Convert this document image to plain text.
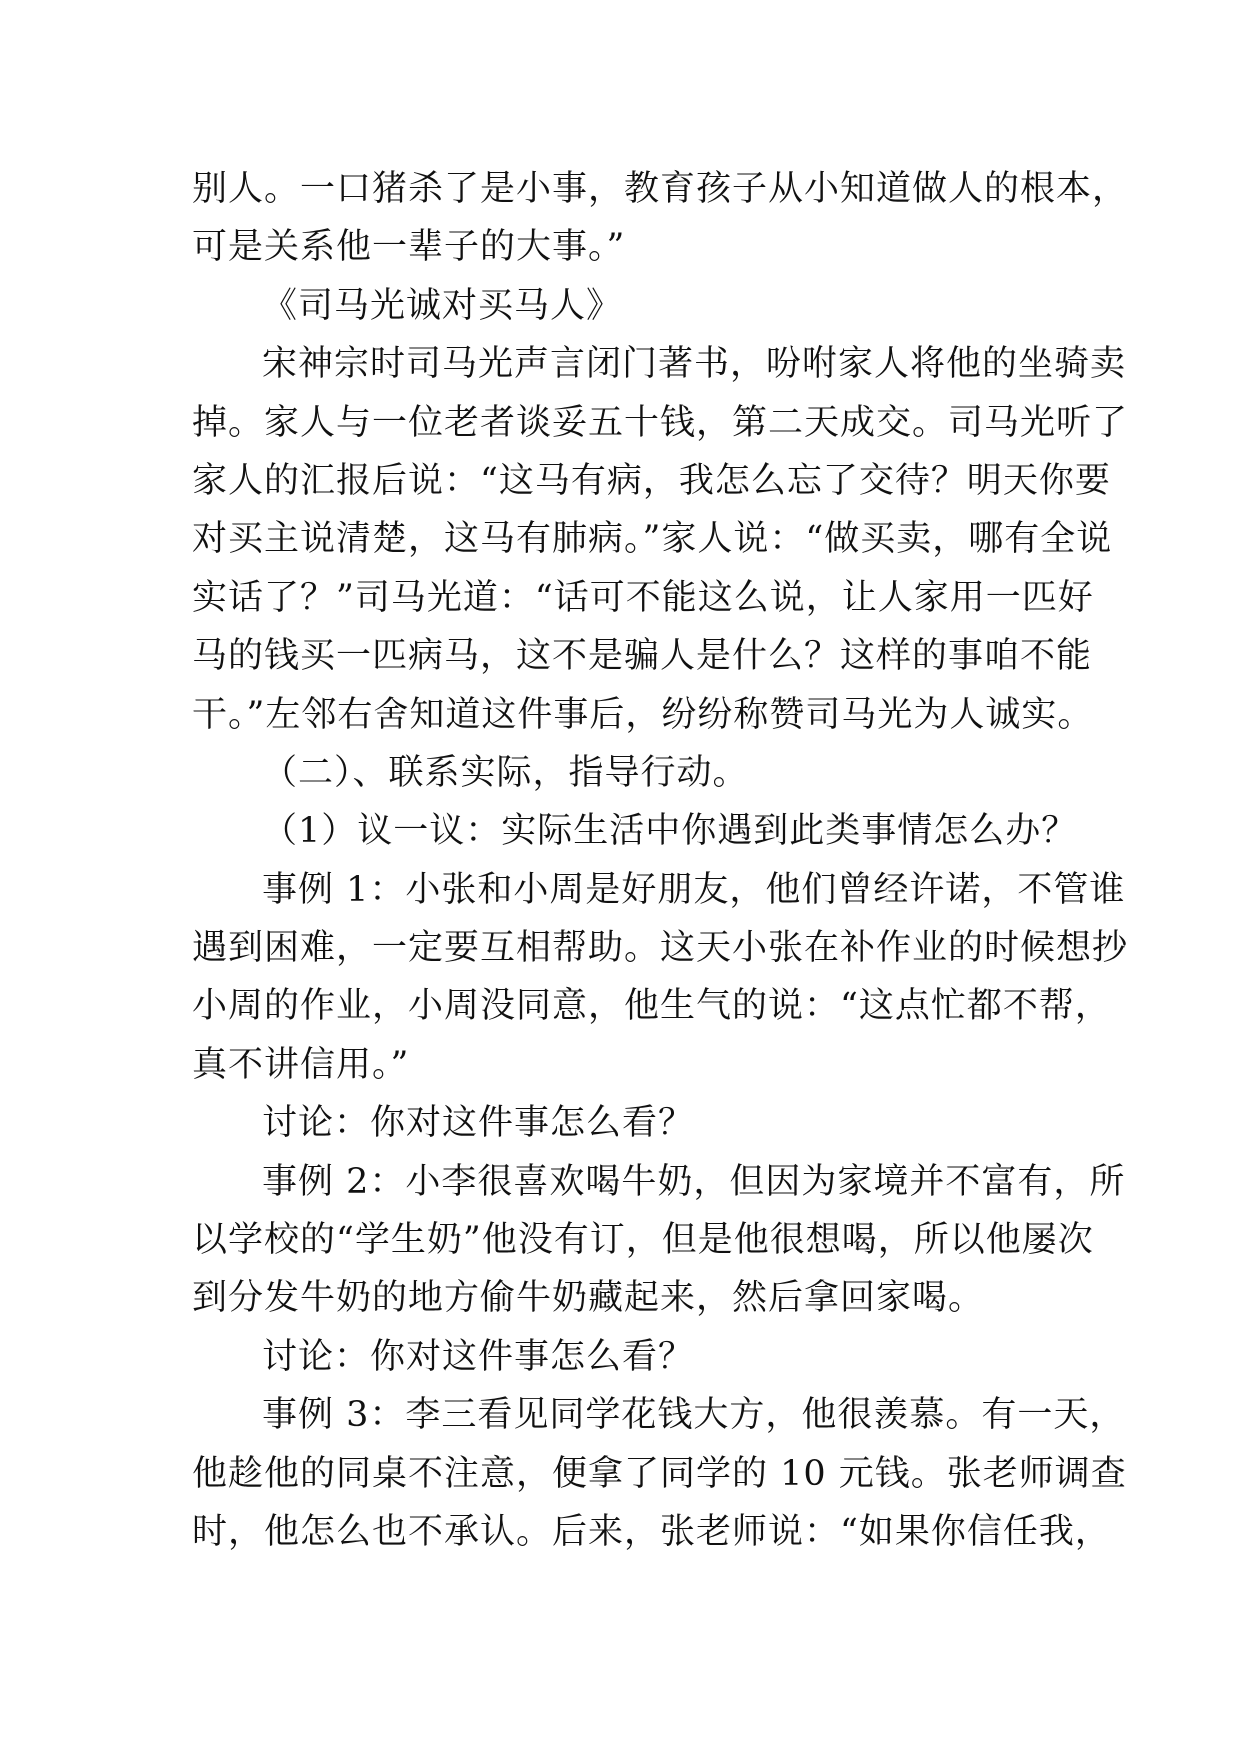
别人。一口猪杀了是小事，教育孩子从小知道做人的根本，
可是关系他一辈子的大事。”
《司马光诚对买马人》
宋神宗时司马光声言闭门著书，吩咐家人将他的坐骑卖
掉。家人与一位老者谈妥五十钱，第二天成交。司马光听了
家人的汇报后说：“这马有病，我怎么忘了交待？明天你要
对买主说清楚，这马有肺病。”家人说：“做买卖，哪有全说
实话了？”司马光道：“话可不能这么说，让人家用一匹好
马的钱买一匹病马，这不是骗人是什么？这样的事咱不能
干。”左邻右舍知道这件事后，纷纷称赞司马光为人诚实。
（二）、联系实际，指导行动。
（1）议一议：实际生活中你遇到此类事情怎么办？
事例 1：小张和小周是好朋友，他们曾经许诺，不管谁
遇到困难，一定要互相帮助。这天小张在补作业的时候想抄
小周的作业，小周没同意，他生气的说：“这点忙都不帮，
真不讲信用。”
讨论：你对这件事怎么看？
事例 2：小李很喜欢喝牛奶，但因为家境并不富有，所
以学校的“学生奶”他没有订，但是他很想喝，所以他屡次
到分发牛奶的地方偷牛奶藏起来，然后拿回家喝。
讨论：你对这件事怎么看？
事例 3：李三看见同学花钱大方，他很羡慕。有一天，
他趁他的同桌不注意，便拿了同学的 10 元钱。张老师调查
时，他怎么也不承认。后来，张老师说：“如果你信任我，
